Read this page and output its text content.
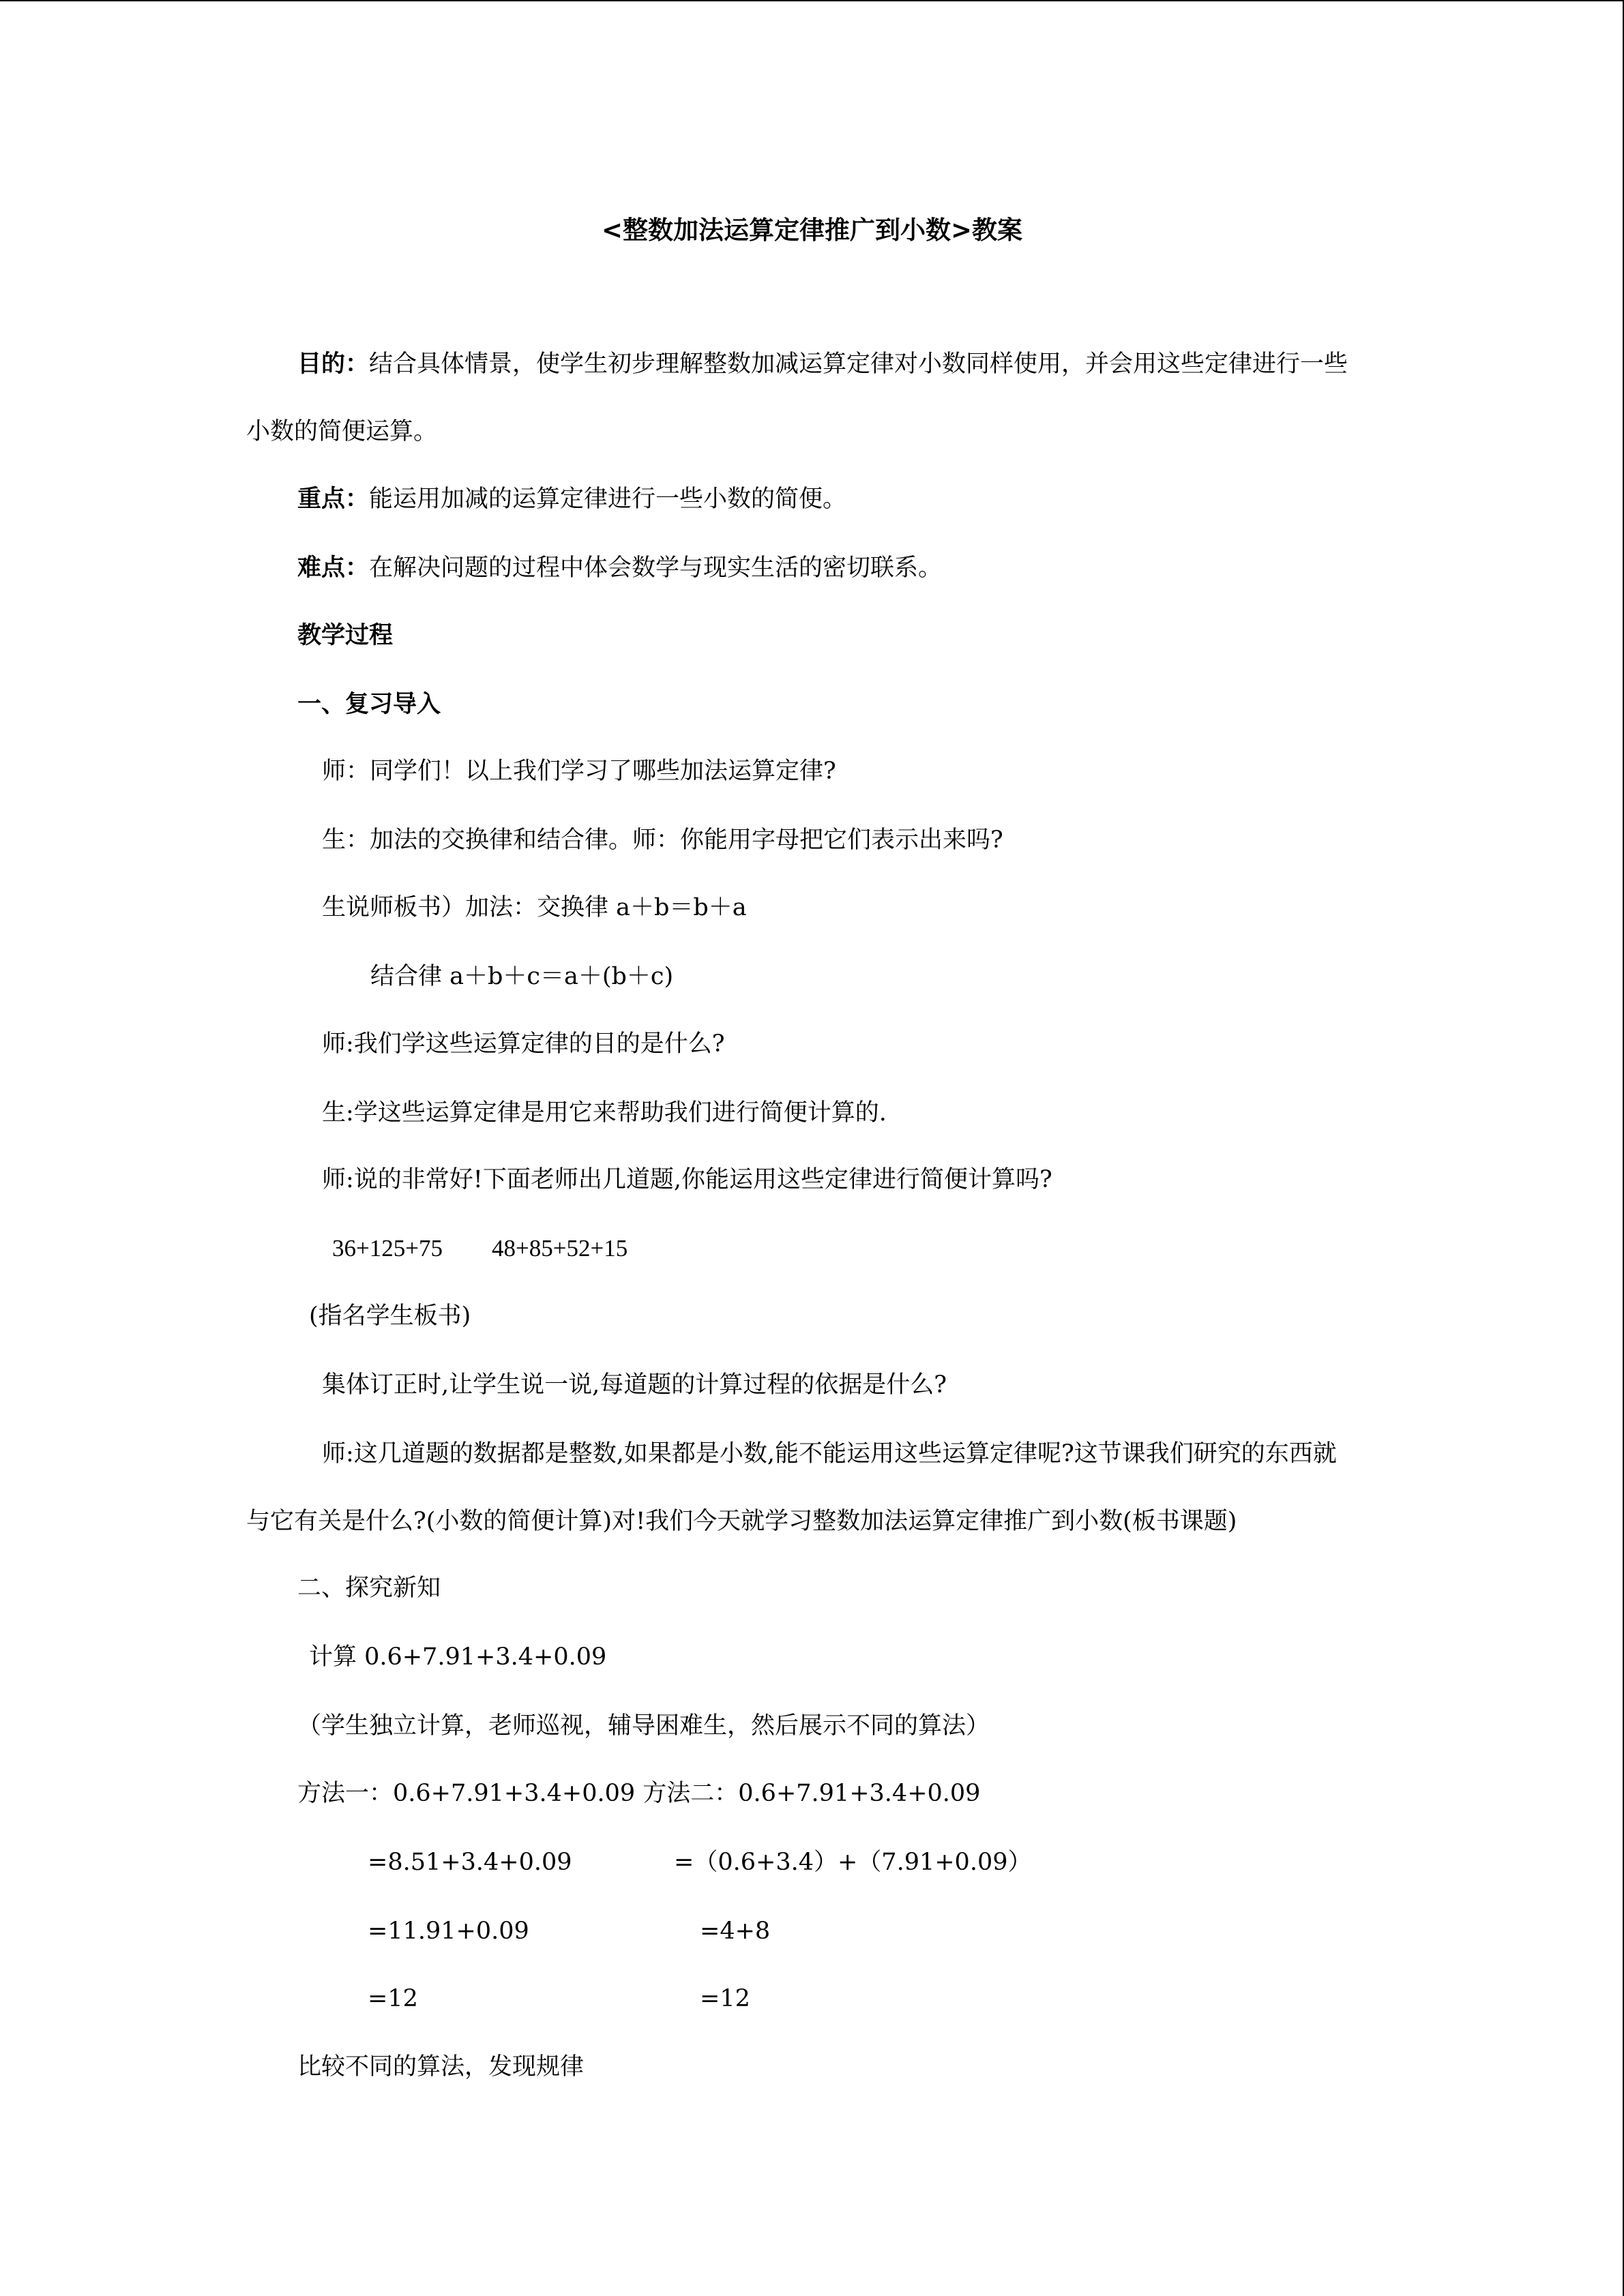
<整数加法运算定律推广到小数>教案
目的：结合具体情景，使学生初步理解整数加减运算定律对小数同样使用，并会用这些定律进行一些
小数的简便运算。
重点：能运用加减的运算定律进行一些小数的简便。
难点：在解决问题的过程中体会数学与现实生活的密切联系。
教学过程
一、复习导入
师：同学们！以上我们学习了哪些加法运算定律?
生：加法的交换律和结合律。师：你能用字母把它们表示出来吗?
生说师板书）加法：交换律 a＋b＝b＋a
结合律 a＋b＋c＝a＋(b＋c)
师:我们学这些运算定律的目的是什么?
生:学这些运算定律是用它来帮助我们进行简便计算的.
师:说的非常好!下面老师出几道题,你能运用这些定律进行简便计算吗?
36+125+75 48+85+52+15
(指名学生板书)
集体订正时,让学生说一说,每道题的计算过程的依据是什么?
师:这几道题的数据都是整数,如果都是小数,能不能运用这些运算定律呢?这节课我们研究的东西就
与它有关是什么?(小数的简便计算)对!我们今天就学习整数加法运算定律推广到小数(板书课题)
二、探究新知
计算 0.6+7.91+3.4+0.09
（学生独立计算，老师巡视，辅导困难生，然后展示不同的算法）
方法一：0.6+7.91+3.4+0.09 方法二：0.6+7.91+3.4+0.09
=8.51+3.4+0.09	=（0.6+3.4）+（7.91+0.09）
=11.91+0.09	=4+8
=12	=12
比较不同的算法，发现规律
